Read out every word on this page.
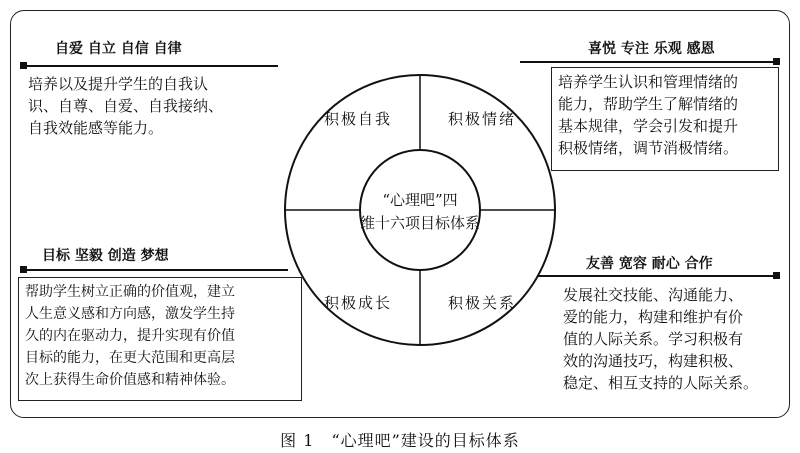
自爱 自立 自信 自律
培养以及提升学生的自我认
识、自尊、自爱、自我接纳、
自我效能感等能力。
喜悦 专注 乐观 感恩
培养学生认识和管理情绪的
能力，帮助学生了解情绪的
基本规律，学会引发和提升
积极情绪，调节消极情绪。
目标 坚毅 创造 梦想
帮助学生树立正确的价值观，建立
人生意义感和方向感，激发学生持
久的内在驱动力，提升实现有价值
目标的能力，在更大范围和更高层
次上获得生命价值感和精神体验。
友善 宽容 耐心 合作
发展社交技能、沟通能力、
爱的能力，构建和维护有价
值的人际关系。学习积极有
效的沟通技巧，构建积极、
稳定、相互支持的人际关系。
积极自我	积极情绪
积极成长	积极关系
“心理吧”四
维十六项目标体系
图 1　“心理吧”建设的目标体系
